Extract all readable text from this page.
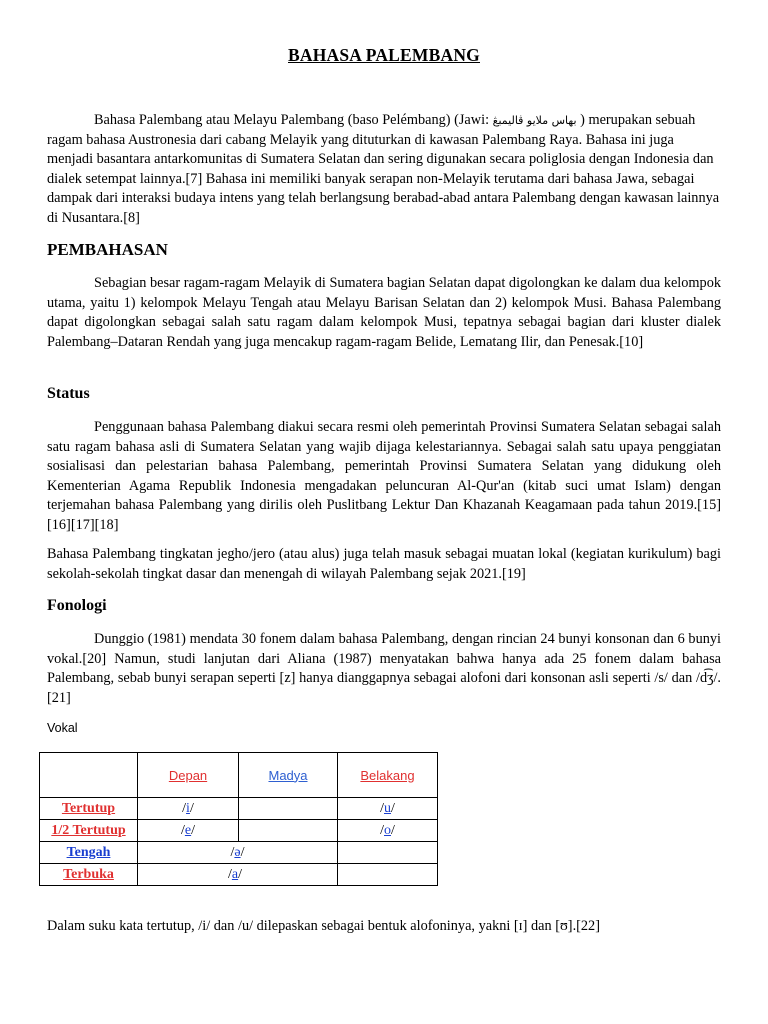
BAHASA PALEMBANG

Bahasa Palembang atau Melayu Palembang (baso Pelémbang) (Jawi: بهاس ملايو ڤاليمبڠ ) merupakan sebuah ragam bahasa Austronesia dari cabang Melayik yang dituturkan di kawasan Palembang Raya. Bahasa ini juga menjadi basantara antarkomunitas di Sumatera Selatan dan sering digunakan secara poliglosia dengan Indonesia dan dialek setempat lainnya.[7] Bahasa ini memiliki banyak serapan non-Melayik terutama dari bahasa Jawa, sebagai dampak dari interaksi budaya intens yang telah berlangsung berabad-abad antara Palembang dengan kawasan lainnya di Nusantara.[8]

PEMBAHASAN

Sebagian besar ragam-ragam Melayik di Sumatera bagian Selatan dapat digolongkan ke dalam dua kelompok utama, yaitu 1) kelompok Melayu Tengah atau Melayu Barisan Selatan dan 2) kelompok Musi. Bahasa Palembang dapat digolongkan sebagai salah satu ragam dalam kelompok Musi, tepatnya sebagai bagian dari kluster dialek Palembang–Dataran Rendah yang juga mencakup ragam-ragam Belide, Lematang Ilir, dan Penesak.[10]

Status

Penggunaan bahasa Palembang diakui secara resmi oleh pemerintah Provinsi Sumatera Selatan sebagai salah satu ragam bahasa asli di Sumatera Selatan yang wajib dijaga kelestariannya. Sebagai salah satu upaya penggiatan sosialisasi dan pelestarian bahasa Palembang, pemerintah Provinsi Sumatera Selatan yang didukung oleh Kementerian Agama Republik Indonesia mengadakan peluncuran Al-Qur'an (kitab suci umat Islam) dengan terjemahan bahasa Palembang yang dirilis oleh Puslitbang Lektur Dan Khazanah Keagamaan pada tahun 2019.[15][16][17][18]

Bahasa Palembang tingkatan jegho/jero (atau alus) juga telah masuk sebagai muatan lokal (kegiatan kurikulum) bagi sekolah-sekolah tingkat dasar dan menengah di wilayah Palembang sejak 2021.[19]

Fonologi

Dunggio (1981) mendata 30 fonem dalam bahasa Palembang, dengan rincian 24 bunyi konsonan dan 6 bunyi vokal.[20] Namun, studi lanjutan dari Aliana (1987) menyatakan bahwa hanya ada 25 fonem dalam bahasa Palembang, sebab bunyi serapan seperti [z] hanya dianggapnya sebagai alofoni dari konsonan asli seperti /s/ dan /d͡ʒ/.[21]

Vokal
	Depan	Madya	Belakang
Tertutup	/i/		/u/
1/2 Tertutup	/e/		/o/
Tengah	/ə/		
Terbuka	/a/		

Dalam suku kata tertutup, /i/ dan /u/ dilepaskan sebagai bentuk alofoninya, yakni [ɪ] dan [ʊ].[22]
